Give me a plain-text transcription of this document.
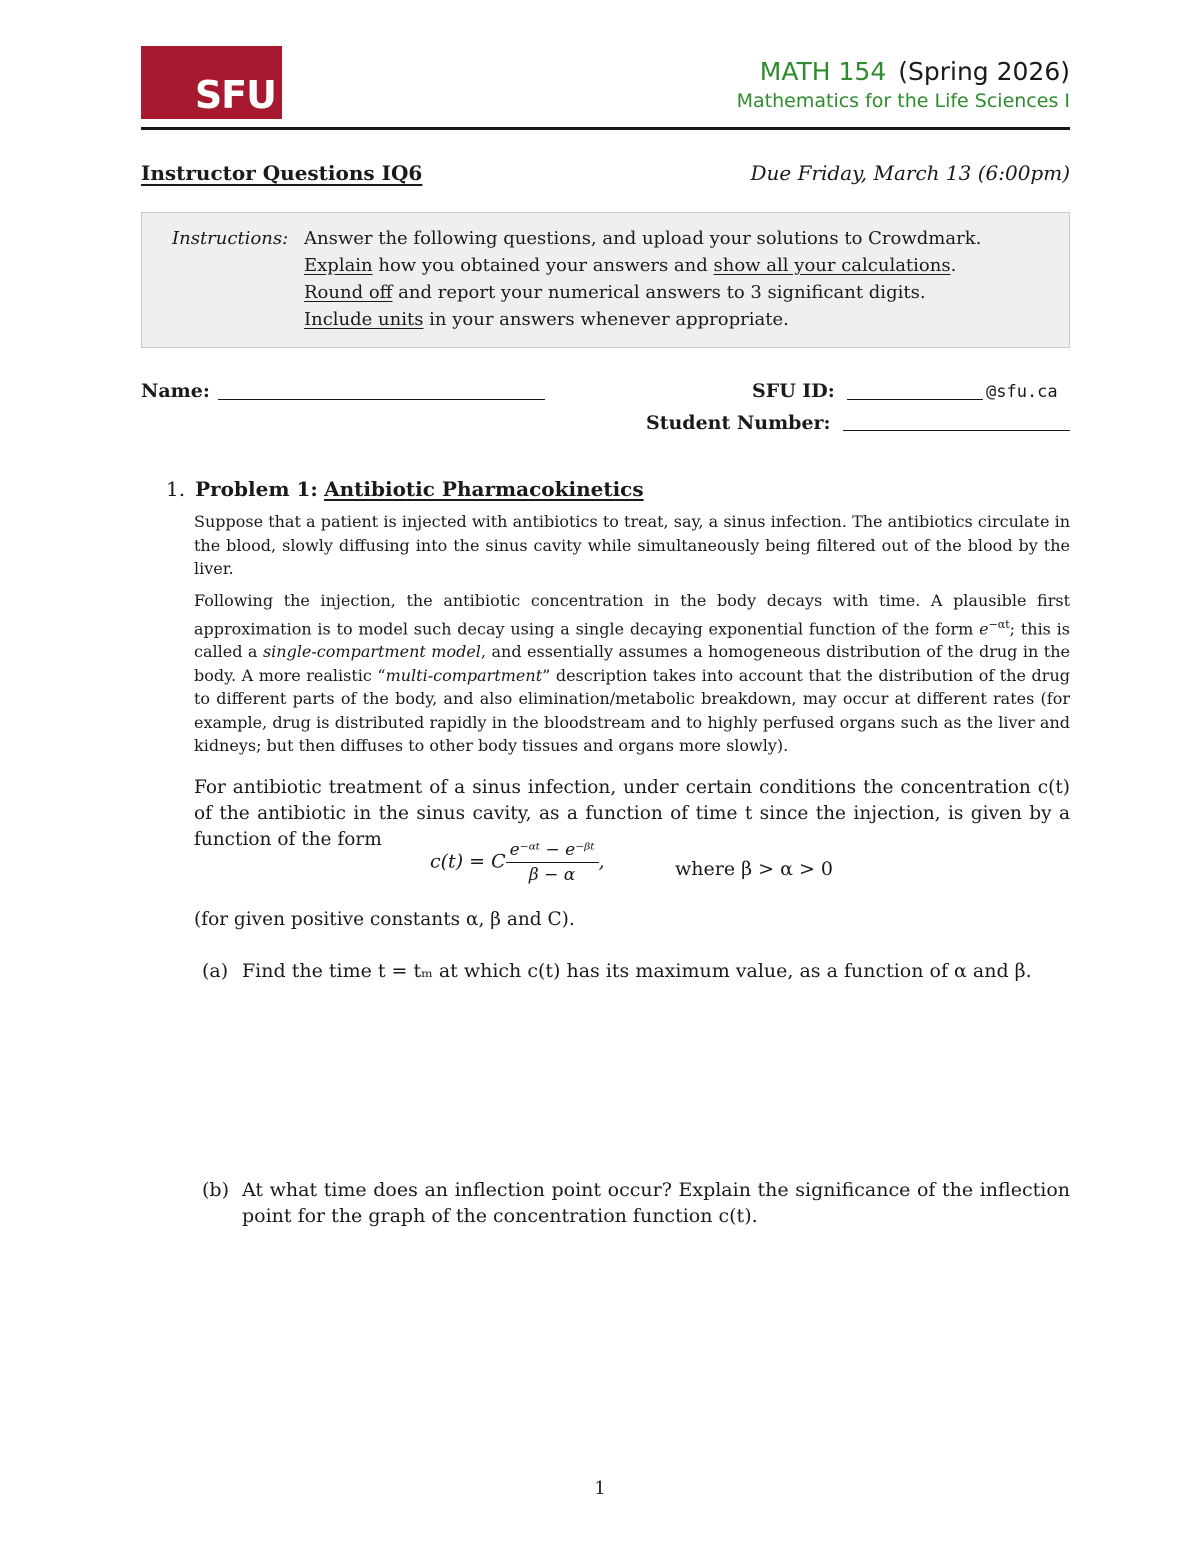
SFU
MATH 154 (Spring 2026)
Mathematics for the Life Sciences I
Instructor Questions IQ6	Due Friday, March 13 (6:00pm)
Instructions: Answer the following questions, and upload your solutions to Crowdmark.
Explain how you obtained your answers and show all your calculations.
Round off and report your numerical answers to 3 significant digits.
Include units in your answers whenever appropriate.
Name:	SFU ID:	@sfu.ca
Student Number:
1. Problem 1: Antibiotic Pharmacokinetics
Suppose that a patient is injected with antibiotics to treat, say, a sinus infection. The antibiotics circulate in the blood, slowly diffusing into the sinus cavity while simultaneously being filtered out of the blood by the liver.
Following the injection, the antibiotic concentration in the body decays with time. A plausible first approximation is to model such decay using a single decaying exponential function of the form $e^{-\alpha t}$; this is called a single-compartment model, and essentially assumes a homogeneous distribution of the drug in the body. A more realistic “multi-compartment” description takes into account that the distribution of the drug to different parts of the body, and also elimination/metabolic breakdown, may occur at different rates (for example, drug is distributed rapidly in the bloodstream and to highly perfused organs such as the liver and kidneys; but then diffuses to other body tissues and organs more slowly).
For antibiotic treatment of a sinus infection, under certain conditions the concentration c(t) of the antibiotic in the sinus cavity, as a function of time t since the injection, is given by a function of the form
c(t) = C $\frac{\text{e⁻ᵅᵗ − e⁻ᵝᵗ}}{\beta - \alpha}$ ,	where β > α > 0
(for given positive constants α, β and C).
(a) Find the time t = tₘ at which c(t) has its maximum value, as a function of α and β.
(b) At what time does an inflection point occur? Explain the significance of the inflection point for the graph of the concentration function c(t).
1
